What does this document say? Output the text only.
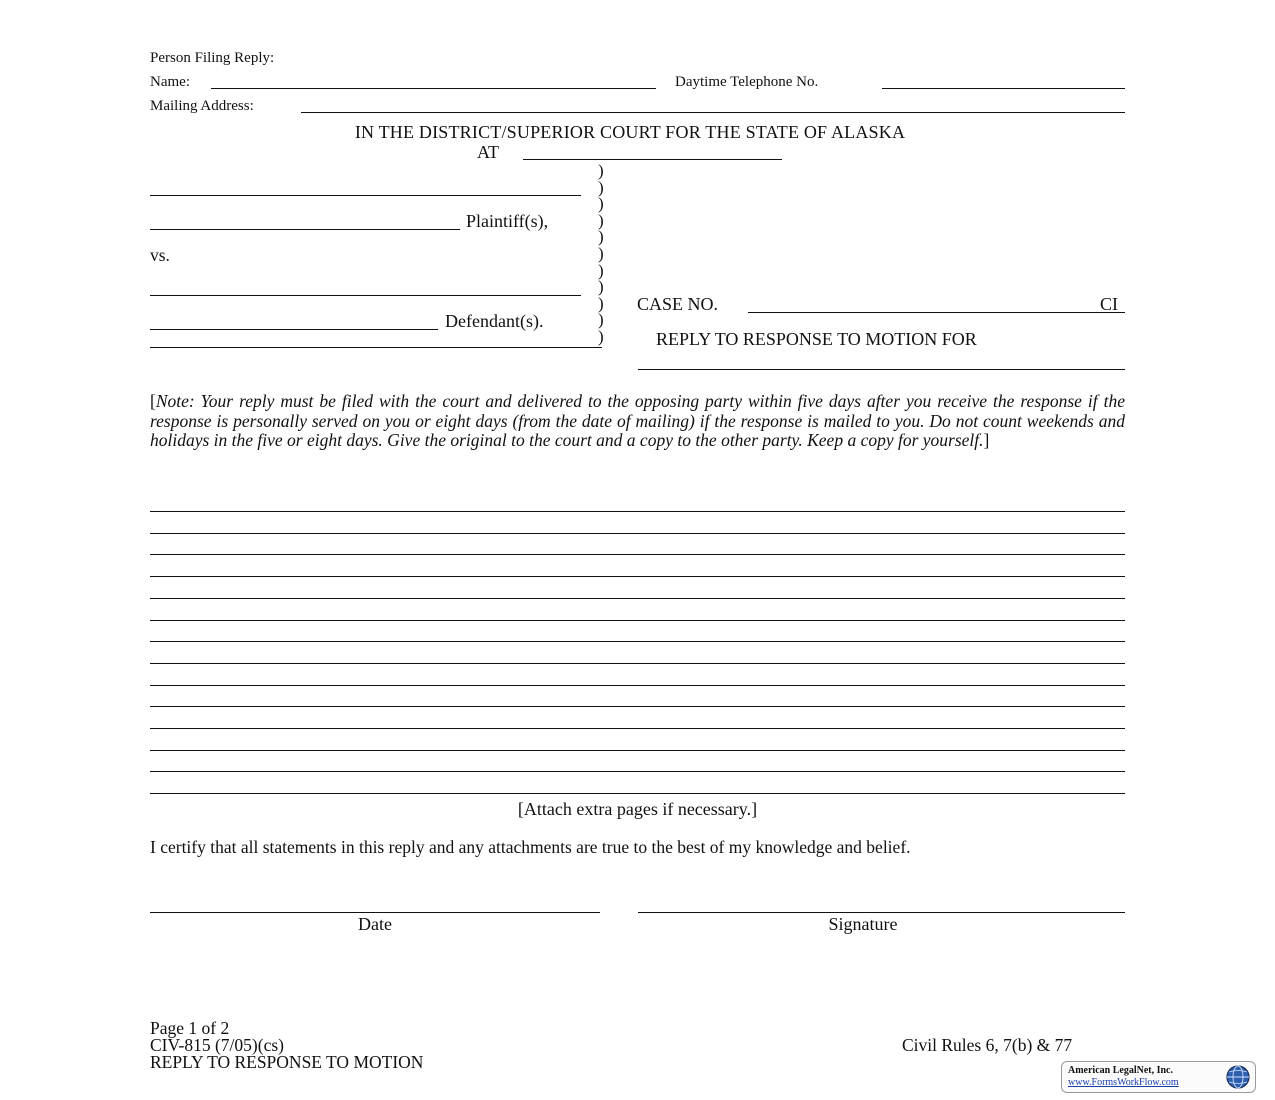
Person Filing Reply:
Name:	Daytime Telephone No.
Mailing Address:
IN THE DISTRICT/SUPERIOR COURT FOR THE STATE OF ALASKA
AT
Plaintiff(s),
vs.
Defendant(s).
)
)
)
)
)
)
)
)
)
)
)
CASE NO.	CI
REPLY TO RESPONSE TO MOTION FOR
[Note: Your reply must be filed with the court and delivered to the opposing party within five days after you receive the response if the response is personally served on you or eight days (from the date of mailing) if the response is mailed to you. Do not count weekends and holidays in the five or eight days. Give the original to the court and a copy to the other party. Keep a copy for yourself.]
[Attach extra pages if necessary.]
I certify that all statements in this reply and any attachments are true to the best of my knowledge and belief.
Date	Signature
Page 1 of 2
CIV-815 (7/05)(cs)
REPLY TO RESPONSE TO MOTION
Civil Rules 6, 7(b) & 77
American LegalNet, Inc.
www.FormsWorkFlow.com
